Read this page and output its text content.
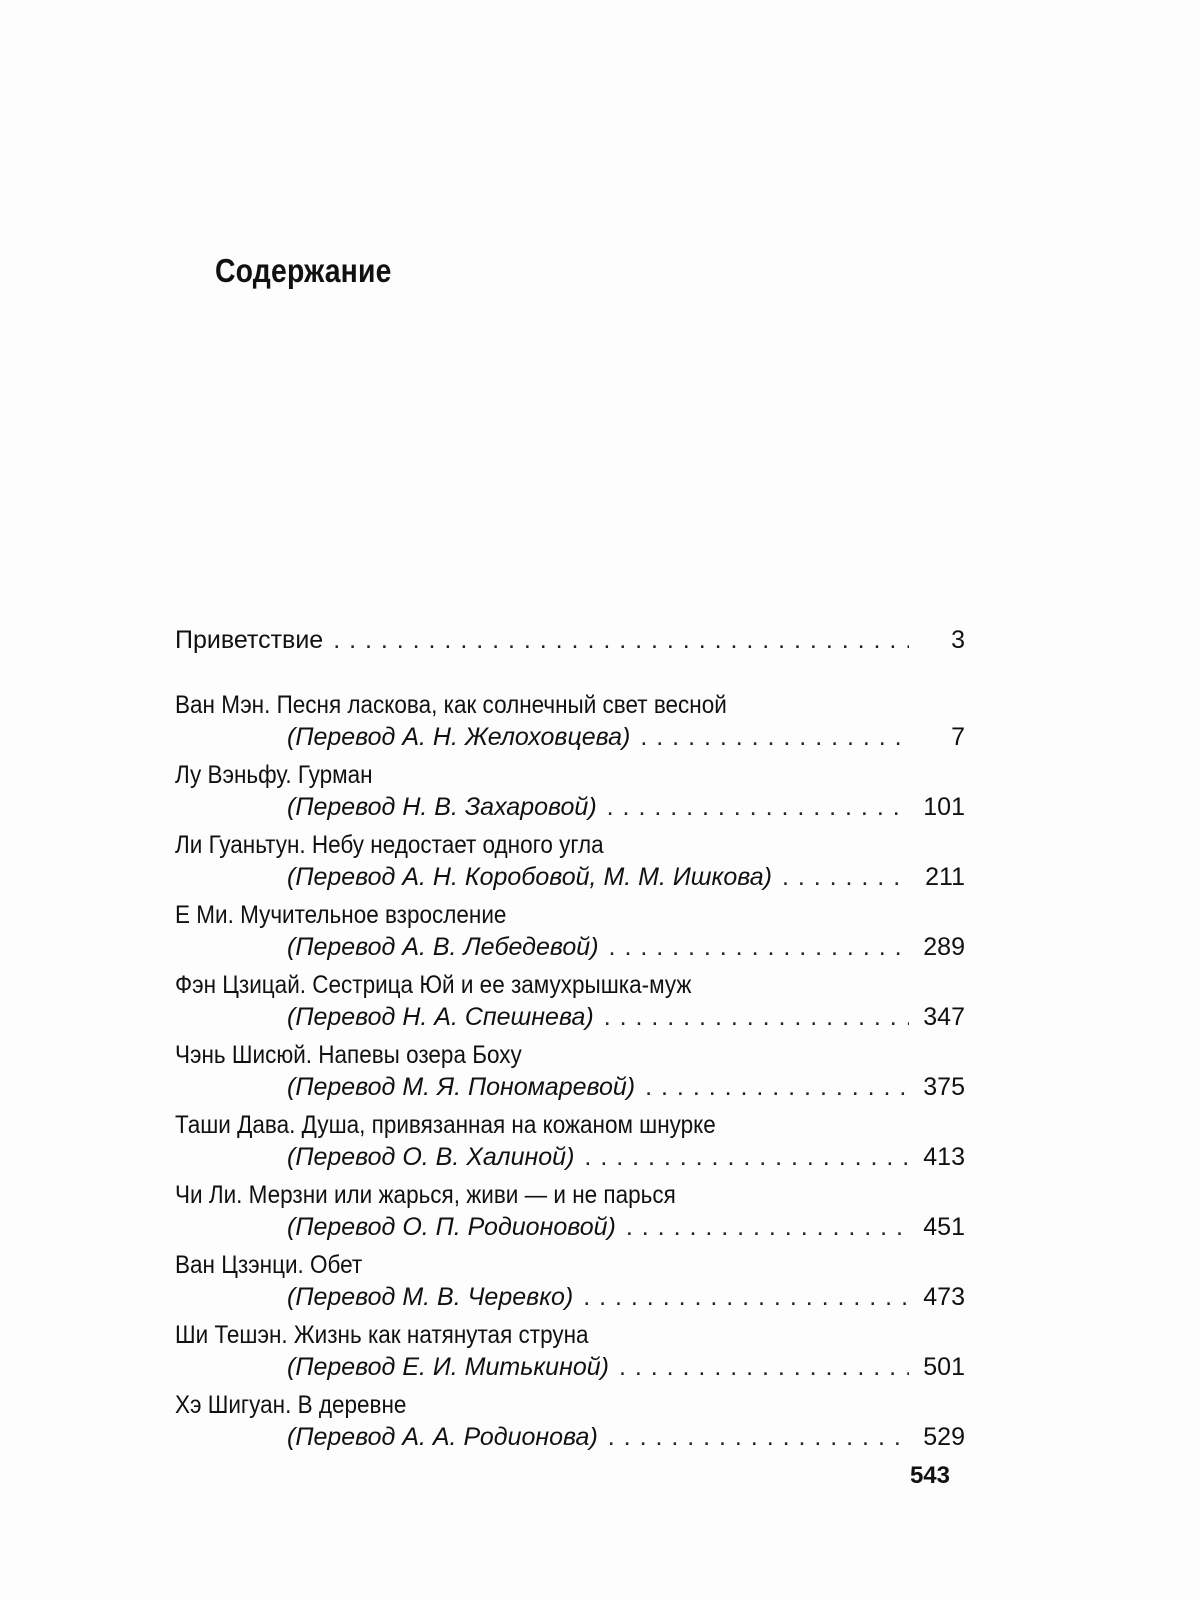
Содержание
Приветствие . . .	3
Ван Мэн. Песня ласкова, как солнечный свет весной
(Перевод А. Н. Желоховцева) . . .	7
Лу Вэньфу. Гурман
(Перевод Н. В. Захаровой) . . .	101
Ли Гуаньтун. Небу недостает одного угла
(Перевод А. Н. Коробовой, М. М. Ишкова) . . .	211
Е Ми. Мучительное взросление
(Перевод А. В. Лебедевой) . . .	289
Фэн Цзицай. Сестрица Юй и ее замухрышка-муж
(Перевод Н. А. Спешнева) . . .	347
Чэнь Шисюй. Напевы озера Боху
(Перевод М. Я. Пономаревой) . . .	375
Таши Дава. Душа, привязанная на кожаном шнурке
(Перевод О. В. Халиной) . . .	413
Чи Ли. Мерзни или жарься, живи — и не парься
(Перевод О. П. Родионовой) . . .	451
Ван Цзэнци. Обет
(Перевод М. В. Черевко) . . .	473
Ши Тешэн. Жизнь как натянутая струна
(Перевод Е. И. Митькиной) . . .	501
Хэ Шигуан. В деревне
(Перевод А. А. Родионова) . . .	529
543
